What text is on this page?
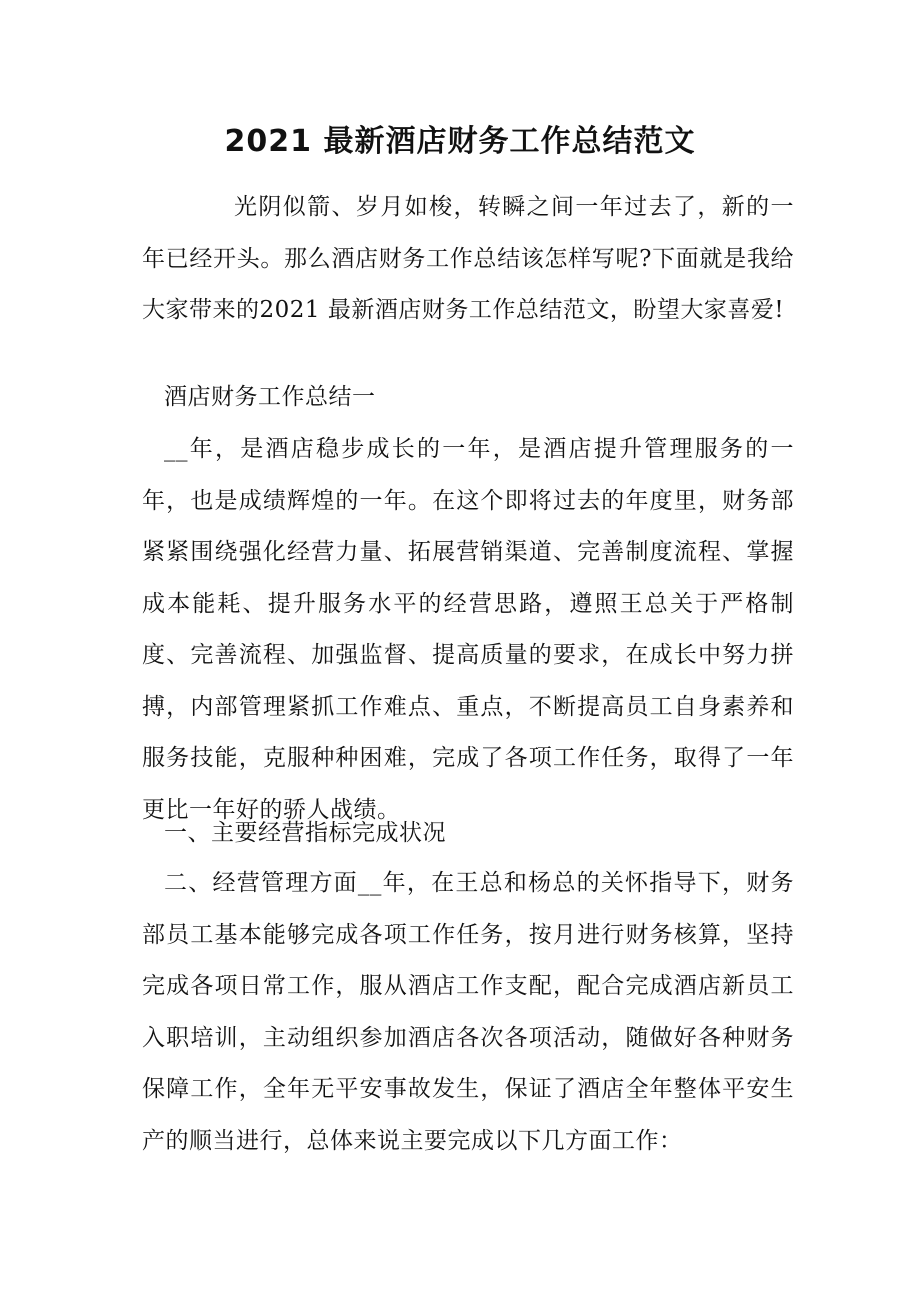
2021 最新酒店财务工作总结范文

光阴似箭、岁月如梭，转瞬之间一年过去了，新的一年已经开头。那么酒店财务工作总结该怎样写呢?下面就是我给大家带来的2021 最新酒店财务工作总结范文，盼望大家喜爱!

酒店财务工作总结一

__年，是酒店稳步成长的一年，是酒店提升管理服务的一年，也是成绩辉煌的一年。在这个即将过去的年度里，财务部紧紧围绕强化经营力量、拓展营销渠道、完善制度流程、掌握成本能耗、提升服务水平的经营思路，遵照王总关于严格制度、完善流程、加强监督、提高质量的要求，在成长中努力拼搏，内部管理紧抓工作难点、重点，不断提高员工自身素养和服务技能，克服种种困难，完成了各项工作任务，取得了一年更比一年好的骄人战绩。

一、主要经营指标完成状况

二、经营管理方面__年，在王总和杨总的关怀指导下，财务部员工基本能够完成各项工作任务，按月进行财务核算，坚持完成各项日常工作，服从酒店工作支配，配合完成酒店新员工入职培训，主动组织参加酒店各次各项活动，随做好各种财务保障工作，全年无平安事故发生，保证了酒店全年整体平安生产的顺当进行，总体来说主要完成以下几方面工作：
